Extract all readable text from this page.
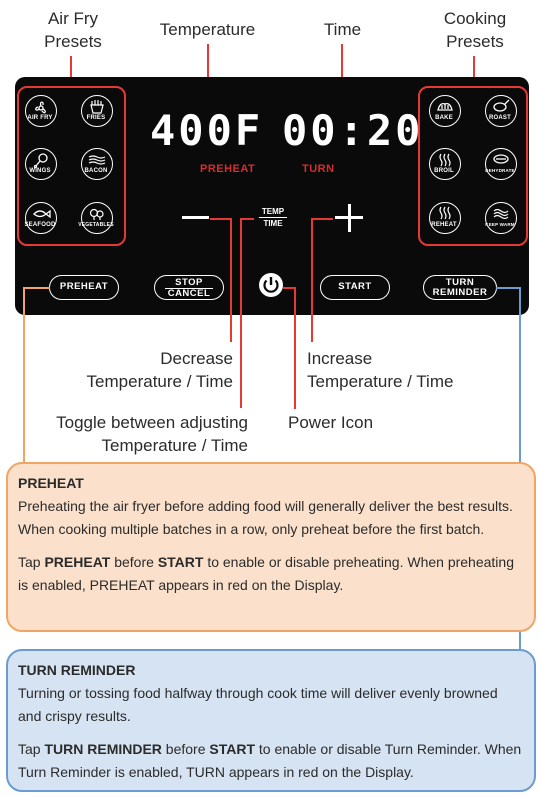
Air Fry
Presets
Temperature	Time
Cooking
Presets
AIR FRY	FRIES
WINGS	BACON
SEAFOOD	VEGETABLES
BAKE	ROAST
BROIL	DEHYDRATE
REHEAT	KEEP WARM
400F 00:20
PREHEAT	TURN
TEMP
TIME
PREHEAT	STOP
CANCEL
START	TURN
REMINDER
Decrease
Temperature / Time
Increase
Temperature / Time
Toggle between adjusting
Temperature / Time
Power Icon
PREHEAT

Preheating the air fryer before adding food will generally deliver the best results. When cooking multiple batches in a row, only preheat before the first batch.

Tap PREHEAT before START to enable or disable preheating. When preheating is enabled, PREHEAT appears in red on the Display.

TURN REMINDER

Turning or tossing food halfway through cook time will deliver evenly browned and crispy results.

Tap TURN REMINDER before START to enable or disable Turn Reminder. When Turn Reminder is enabled, TURN appears in red on the Display.
